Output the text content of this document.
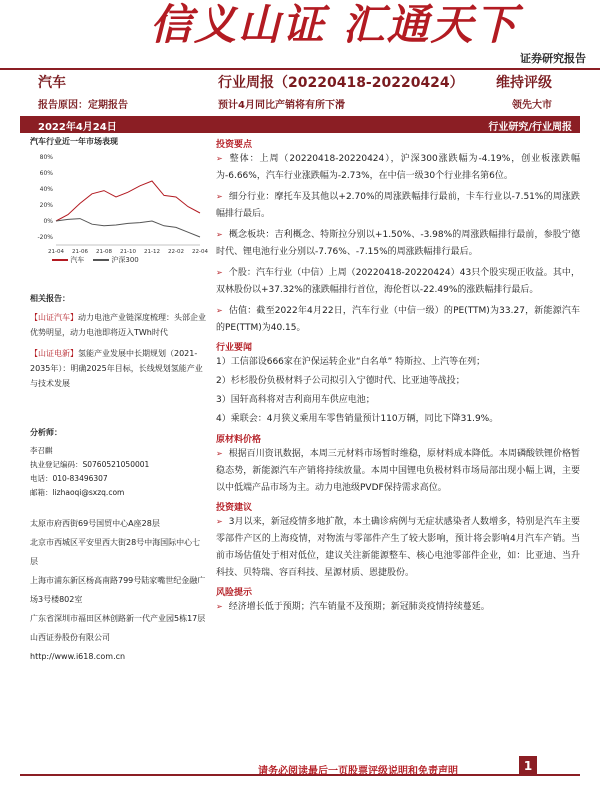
信义山证 汇通天下
证券研究报告
汽车	行业周报（20220418-20220424） 维持评级
报告原因：定期报告	预计4月同比产销将有所下滑	领先大市
2022年4月24日	行业研究/行业周报
汽车行业近一年市场表现
80%
60%
40%
20%
0%
-20%
21-04 21-06 21-08 21-10 21-12 22-02 22-04
汽车	沪深300
相关报告：
【山证汽车】动力电池产业链深度梳理：头部企业优势明显，动力电池即将迈入TWh时代
【山证电新】氢能产业发展中长期规划（2021-2035年）：明确2025年目标，长线规划氢能产业与技术发展
分析师：
李召麒
执业登记编码：S0760521050001
电话：010-83496307
邮箱：lizhaoqi@sxzq.com
太原市府西街69号国贸中心A座28层
北京市西城区平安里西大街28号中海国际中心七层
上海市浦东新区杨高南路799号陆家嘴世纪金融广场3号楼802室
广东省深圳市福田区林创路新一代产业园5栋17层
山西证券股份有限公司
http://www.i618.com.cn
投资要点
➢ 整体：上周（20220418-20220424），沪深300涨跌幅为-4.19%，创业板涨跌幅为-6.66%，汽车行业涨跌幅为-2.73%，在中信一级30个行业排名第6位。
➢ 细分行业：摩托车及其他以+2.70%的周涨跌幅排行最前，卡车行业以-7.51%的周涨跌幅排行最后。
➢ 概念板块：吉利概念、特斯拉分别以+1.50%、-3.98%的周涨跌幅排行最前，参股宁德时代、锂电池行业分别以-7.76%、-7.15%的周涨跌幅排行最后。
➢ 个股：汽车行业（中信）上周（20220418-20220424）43只个股实现正收益。其中，双林股份以+37.32%的涨跌幅排行首位，海伦哲以-22.49%的涨跌幅排行最后。
➢ 估值：截至2022年4月22日，汽车行业（中信一级）的PE(TTM)为33.27，新能源汽车的PE(TTM)为40.15。
行业要闻
1）工信部设666家在沪保运转企业“白名单” 特斯拉、上汽等在列；
2）杉杉股份负极材料子公司拟引入宁德时代、比亚迪等战投；
3）国轩高科将对吉利商用车供应电池；
4）乘联会：4月狭义乘用车零售销量预计110万辆，同比下降31.9%。
原材料价格
➢ 根据百川资讯数据，本周三元材料市场暂时维稳，原材料成本降低。本周磷酸铁锂价格暂稳态势，新能源汽车产销将持续放量。本周中国锂电负极材料市场局部出现小幅上调，主要以中低端产品市场为主。动力电池级PVDF保持需求高位。
投资建议
➢ 3月以来，新冠疫情多地扩散，本土确诊病例与无症状感染者人数增多，特别是汽车主要零部件产区的上海疫情，对物流与零部件产生了较大影响，预计将会影响4月汽车产销。当前市场估值处于相对低位，建议关注新能源整车、核心电池零部件企业，如：比亚迪、当升科技、贝特瑞、容百科技、星源材质、恩捷股份。
风险提示
➢ 经济增长低于预期；汽车销量不及预期；新冠肺炎疫情持续蔓延。
请务必阅读最后一页股票评级说明和免责声明	1
